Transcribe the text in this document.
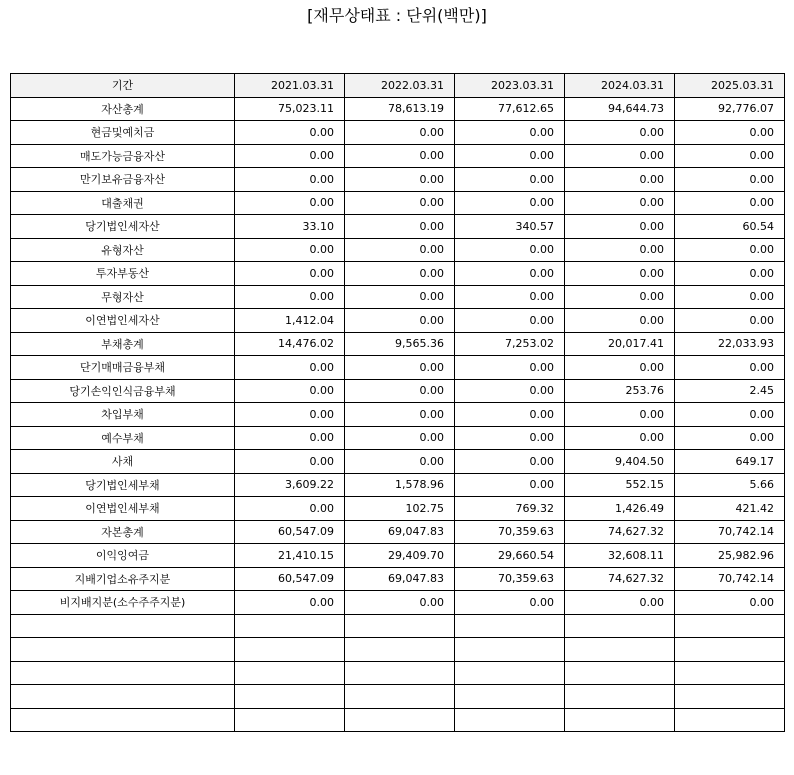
[재무상태표 : 단위(백만)]
기간	2021.03.31	2022.03.31	2023.03.31	2024.03.31	2025.03.31
자산총계	75,023.11	78,613.19	77,612.65	94,644.73	92,776.07
현금및예치금	0.00	0.00	0.00	0.00	0.00
매도가능금융자산	0.00	0.00	0.00	0.00	0.00
만기보유금융자산	0.00	0.00	0.00	0.00	0.00
대출채권	0.00	0.00	0.00	0.00	0.00
당기법인세자산	33.10	0.00	340.57	0.00	60.54
유형자산	0.00	0.00	0.00	0.00	0.00
투자부동산	0.00	0.00	0.00	0.00	0.00
무형자산	0.00	0.00	0.00	0.00	0.00
이연법인세자산	1,412.04	0.00	0.00	0.00	0.00
부채총계	14,476.02	9,565.36	7,253.02	20,017.41	22,033.93
단기매매금융부채	0.00	0.00	0.00	0.00	0.00
당기손익인식금융부채	0.00	0.00	0.00	253.76	2.45
차입부채	0.00	0.00	0.00	0.00	0.00
예수부채	0.00	0.00	0.00	0.00	0.00
사채	0.00	0.00	0.00	9,404.50	649.17
당기법인세부채	3,609.22	1,578.96	0.00	552.15	5.66
이연법인세부채	0.00	102.75	769.32	1,426.49	421.42
자본총계	60,547.09	69,047.83	70,359.63	74,627.32	70,742.14
이익잉여금	21,410.15	29,409.70	29,660.54	32,608.11	25,982.96
지배기업소유주지분	60,547.09	69,047.83	70,359.63	74,627.32	70,742.14
비지배지분(소수주주지분)	0.00	0.00	0.00	0.00	0.00
